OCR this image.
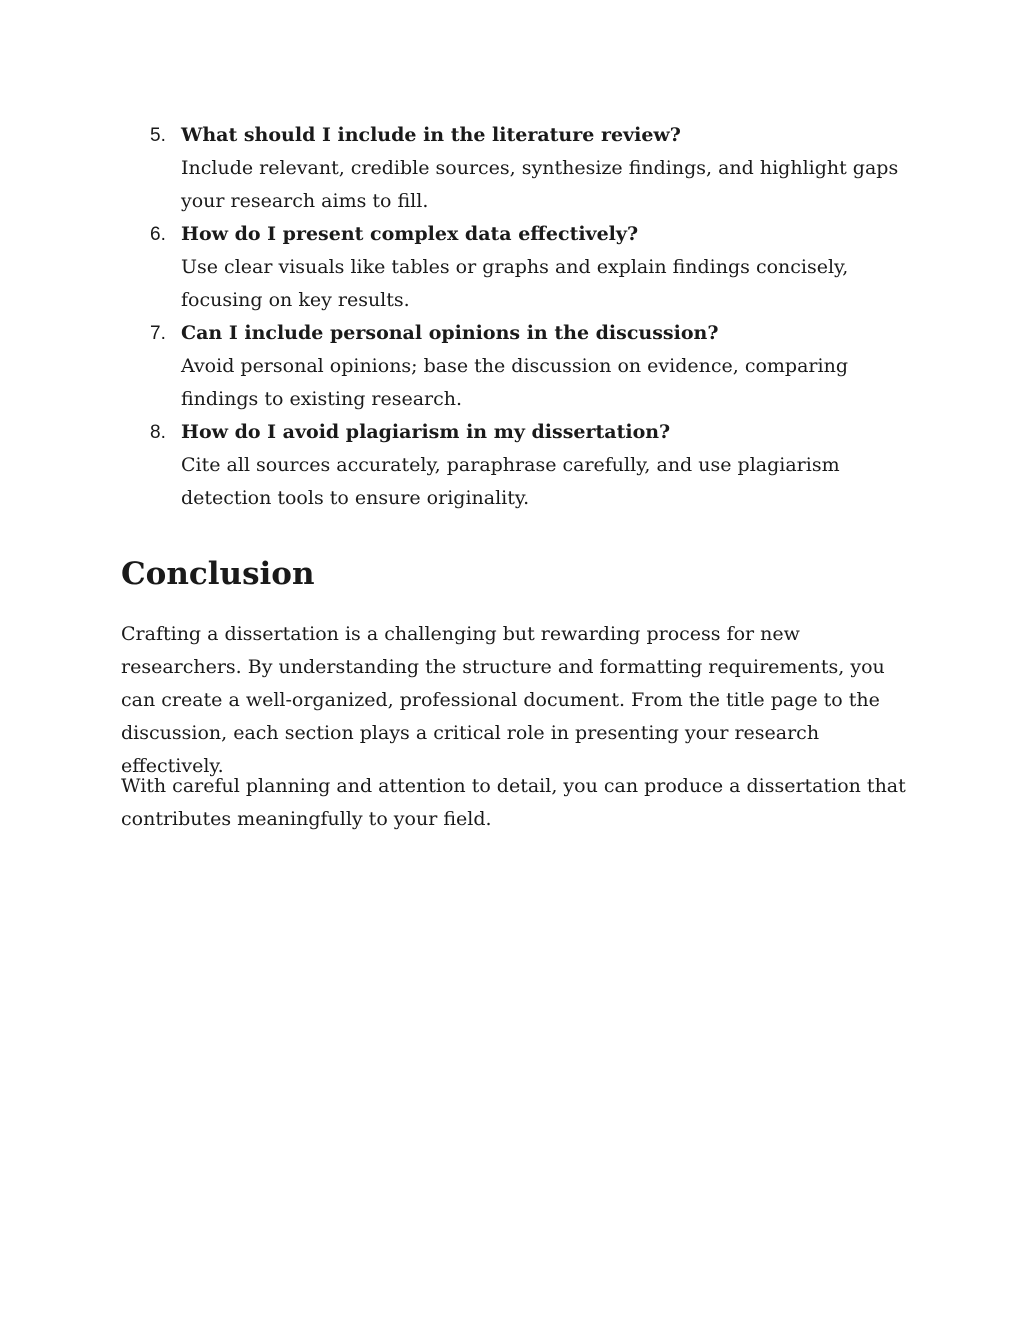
5. What should I include in the literature review?
Include relevant, credible sources, synthesize findings, and highlight gaps your research aims to fill.
6. How do I present complex data effectively?
Use clear visuals like tables or graphs and explain findings concisely, focusing on key results.
7. Can I include personal opinions in the discussion?
Avoid personal opinions; base the discussion on evidence, comparing findings to existing research.
8. How do I avoid plagiarism in my dissertation?
Cite all sources accurately, paraphrase carefully, and use plagiarism detection tools to ensure originality.
Conclusion

Crafting a dissertation is a challenging but rewarding process for new researchers. By understanding the structure and formatting requirements, you can create a well-organized, professional document. From the title page to the discussion, each section plays a critical role in presenting your research effectively.

With careful planning and attention to detail, you can produce a dissertation that contributes meaningfully to your field.
